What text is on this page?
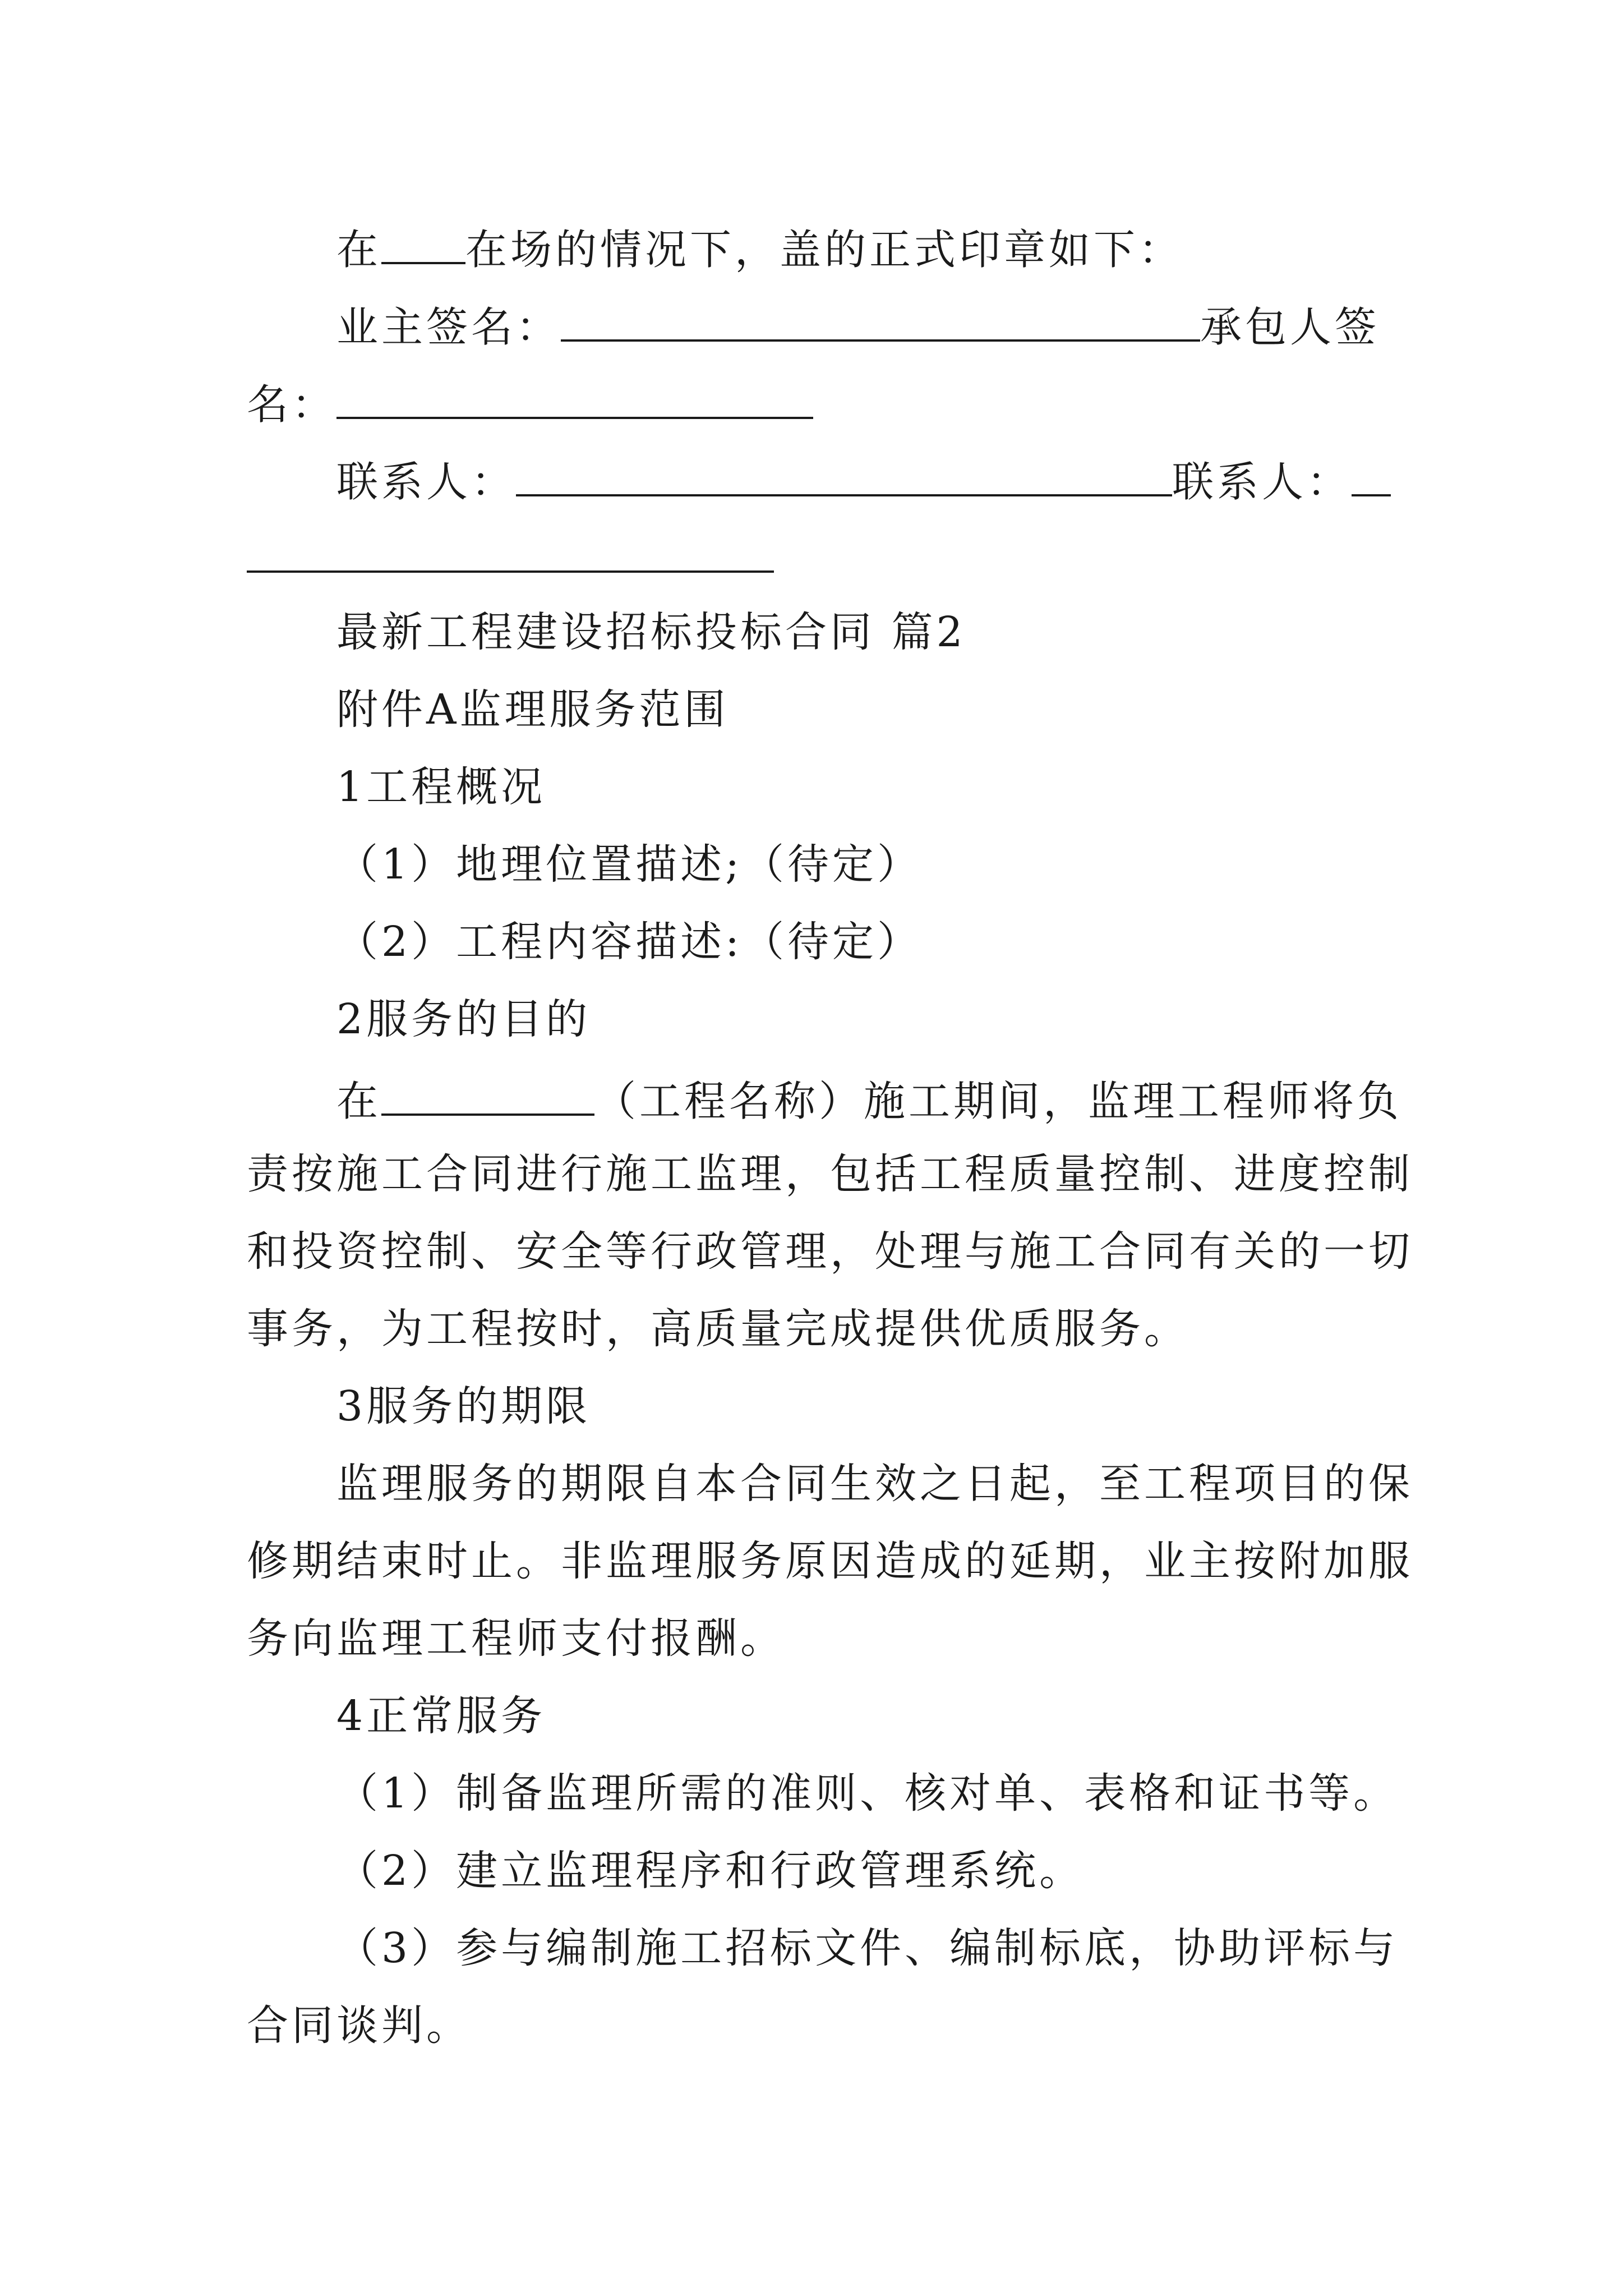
在 在场的情况下，盖的正式印章如下：
业主签名：	承包人签
名：
联系人：	联系人：
最新工程建设招标投标合同 篇2
附件A监理服务范围
1工程概况
（1）地理位置描述;（待定）
（2）工程内容描述:（待定）
2服务的目的
在	（工程名称）施工期间，监理工程师将负
责按施工合同进行施工监理，包括工程质量控制、进度控制
和投资控制、安全等行政管理，处理与施工合同有关的一切
事务，为工程按时，高质量完成提供优质服务。
3服务的期限
监理服务的期限自本合同生效之日起，至工程项目的保
修期结束时止。非监理服务原因造成的延期，业主按附加服
务向监理工程师支付报酬。
4正常服务
（1）制备监理所需的准则、核对单、表格和证书等。
（2）建立监理程序和行政管理系统。
（3）参与编制施工招标文件、编制标底，协助评标与
合同谈判。
